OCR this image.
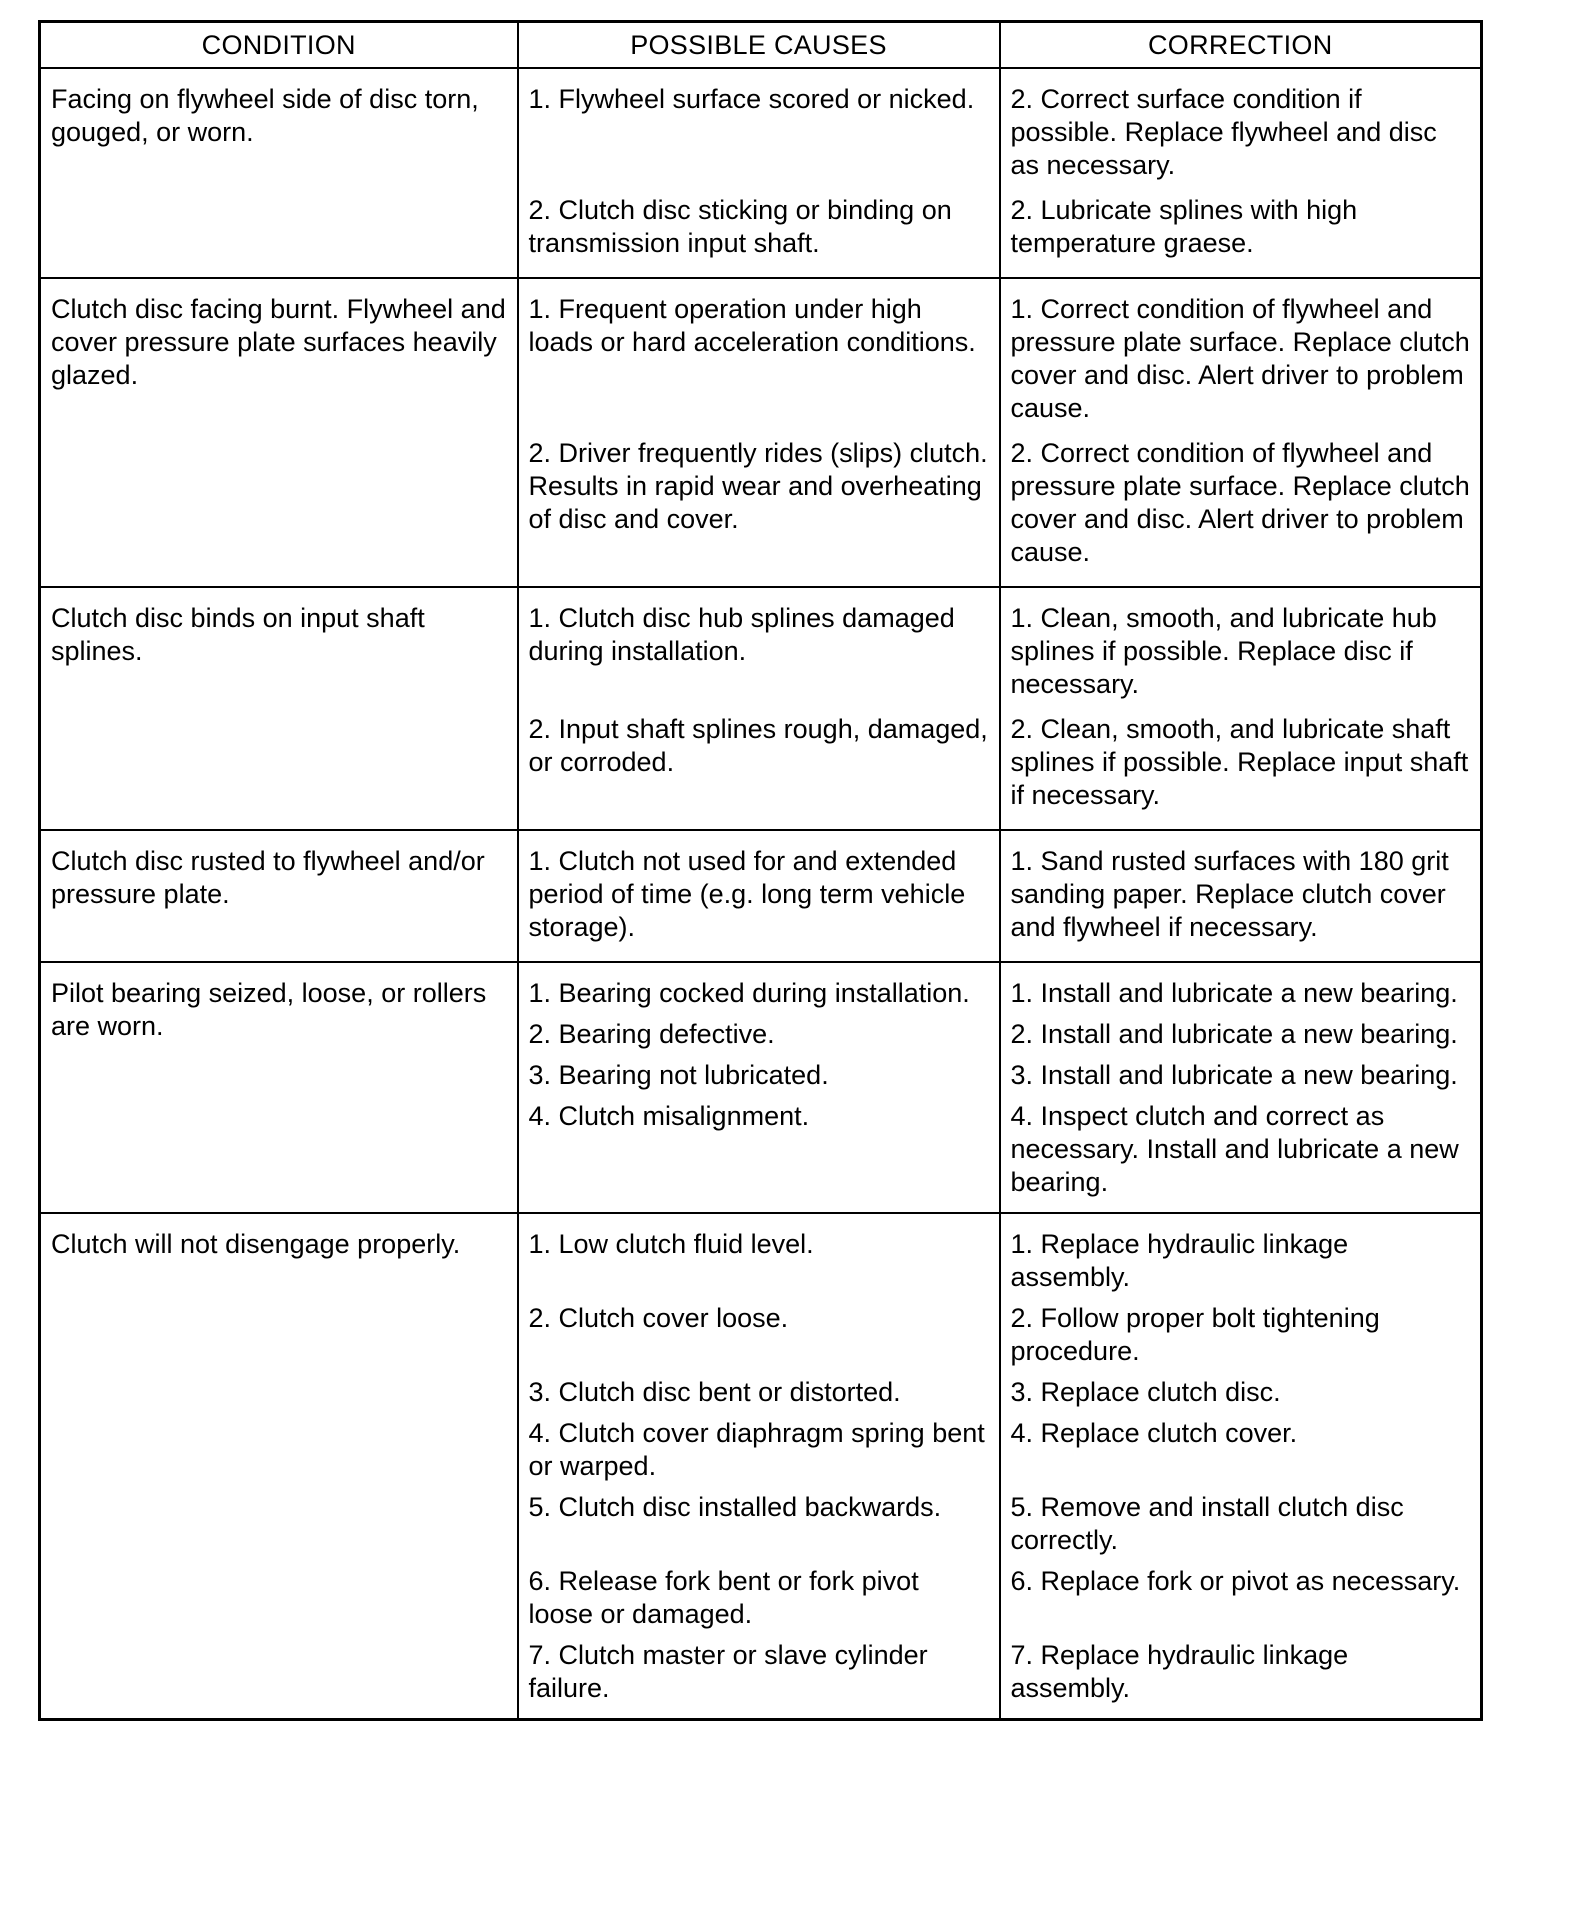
CONDITION	POSSIBLE CAUSES	CORRECTION
Facing on flywheel side of disc torn, gouged, or worn.	1. Flywheel surface scored or nicked.	2. Correct surface condition if possible. Replace flywheel and disc as necessary.

	2. Clutch disc sticking or binding on transmission input shaft.	2. Lubricate splines with high temperature graese.

Clutch disc facing burnt. Flywheel and cover pressure plate surfaces heavily glazed.	1. Frequent operation under high loads or hard acceleration conditions.	1. Correct condition of flywheel and pressure plate surface. Replace clutch cover and disc. Alert driver to problem cause.

	2. Driver frequently rides (slips) clutch. Results in rapid wear and overheating of disc and cover.	2. Correct condition of flywheel and pressure plate surface. Replace clutch cover and disc. Alert driver to problem cause.

Clutch disc binds on input shaft splines.	1. Clutch disc hub splines damaged during installation.	1. Clean, smooth, and lubricate hub splines if possible. Replace disc if necessary.

	2. Input shaft splines rough, damaged, or corroded.	2. Clean, smooth, and lubricate shaft splines if possible. Replace input shaft if necessary.

Clutch disc rusted to flywheel and/or pressure plate.	1. Clutch not used for and extended period of time (e.g. long term vehicle storage).	1. Sand rusted surfaces with 180 grit sanding paper. Replace clutch cover and flywheel if necessary.

Pilot bearing seized, loose, or rollers are worn.	1. Bearing cocked during installation.	1. Install and lubricate a new bearing.

	2. Bearing defective.	2. Install and lubricate a new bearing.

	3. Bearing not lubricated.	3. Install and lubricate a new bearing.

	4. Clutch misalignment.	4. Inspect clutch and correct as necessary. Install and lubricate a new bearing.

Clutch will not disengage properly.	1. Low clutch fluid level.	1. Replace hydraulic linkage assembly.

	2. Clutch cover loose.	2. Follow proper bolt tightening procedure.

	3. Clutch disc bent or distorted.	3. Replace clutch disc.

	4. Clutch cover diaphragm spring bent or warped.	4. Replace clutch cover.

	5. Clutch disc installed backwards.	5. Remove and install clutch disc correctly.

	6. Release fork bent or fork pivot loose or damaged.	6. Replace fork or pivot as necessary.

	7. Clutch master or slave cylinder failure.	7. Replace hydraulic linkage assembly.
